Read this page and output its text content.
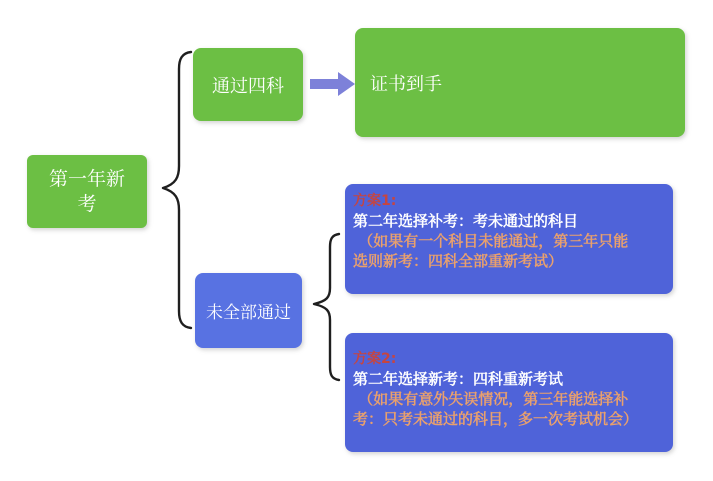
第一年新考
通过四科	证书到手
未全部通过
方案1:
第二年选择补考：考未通过的科目
（如果有一个科目未能通过，第三年只能
选则新考：四科全部重新考试）
方案2:
第二年选择新考：四科重新考试
（如果有意外失误情况，第三年能选择补
考：只考未通过的科目，多一次考试机会）
